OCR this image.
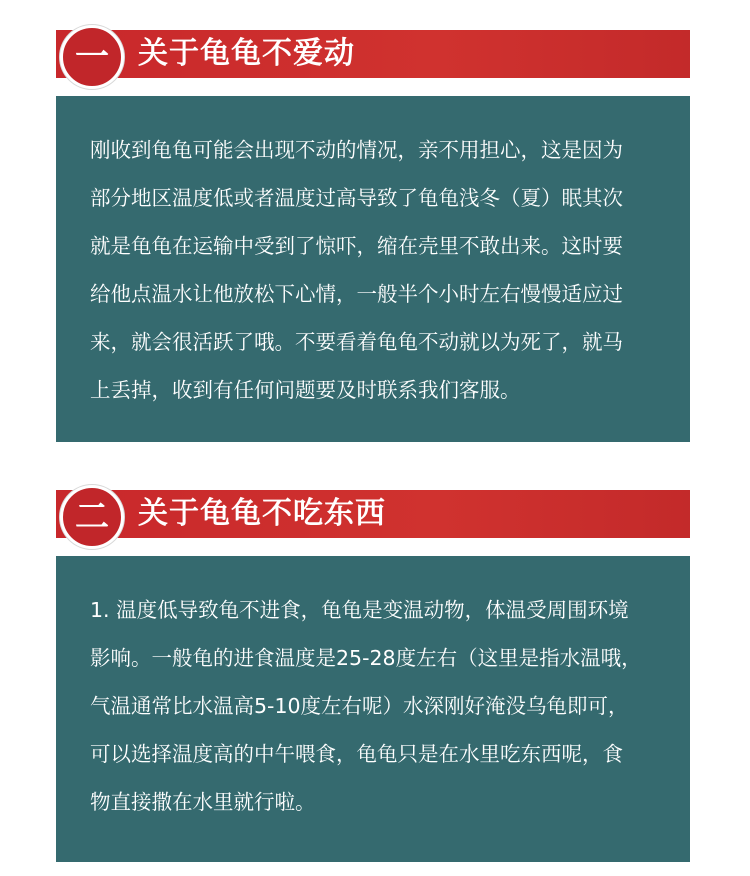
一 关于龟龟不爱动

刚收到龟龟可能会出现不动的情况，亲不用担心，这是因为

部分地区温度低或者温度过高导致了龟龟浅冬（夏）眠其次

就是龟龟在运输中受到了惊吓，缩在壳里不敢出来。这时要

给他点温水让他放松下心情，一般半个小时左右慢慢适应过

来，就会很活跃了哦。不要看着龟龟不动就以为死了，就马

上丢掉，收到有任何问题要及时联系我们客服。

二 关于龟龟不吃东西

1. 温度低导致龟不进食，龟龟是变温动物，体温受周围环境

影响。一般龟的进食温度是25-28度左右（这里是指水温哦，

气温通常比水温高5-10度左右呢）水深刚好淹没乌龟即可，

可以选择温度高的中午喂食，龟龟只是在水里吃东西呢，食

物直接撒在水里就行啦。
